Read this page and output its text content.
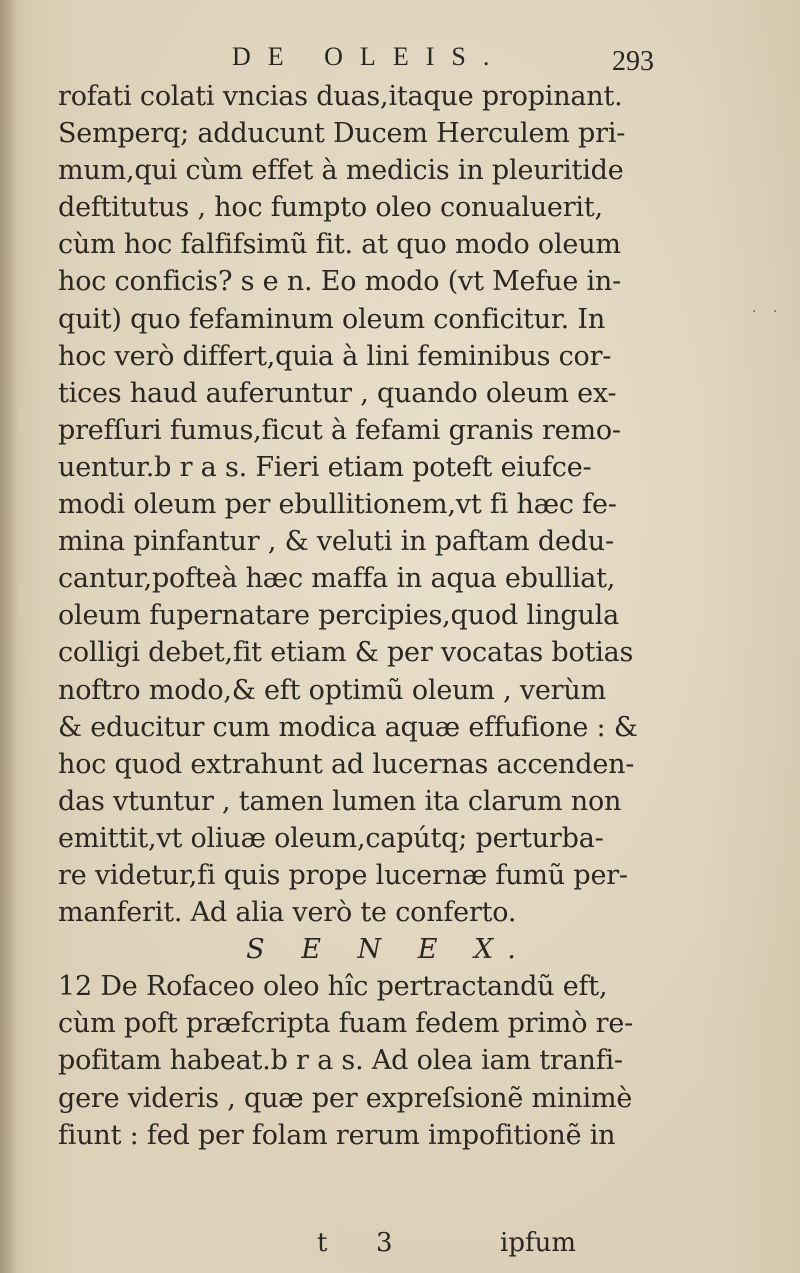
DE OLEIS.	293
rofati colati vncias duas,itaque propinant.
Semperq; adducunt Ducem Herculem pri-
mum,qui cùm effet à medicis in pleuritide
deftitutus , hoc fumpto oleo conualuerit,
cùm hoc falfifsimũ fit. at quo modo oleum
hoc conficis? s e n. Eo modo (vt Mefue in-
quit) quo fefaminum oleum conficitur. In
hoc verò differt,quia à lini feminibus cor-
tices haud auferuntur , quando oleum ex-
prefſuri fumus,ficut à fefami granis remo-
uentur.b r a s. Fieri etiam poteft eiufce-
modi oleum per ebullitionem,vt fi hæc fe-
mina pinfantur , & veluti in paftam dedu-
cantur,pofteà hæc maffa in aqua ebulliat,
oleum fupernatare percipies,quod lingula
colligi debet,fit etiam & per vocatas botias
noftro modo,& eft optimũ oleum , verùm
& educitur cum modica aquæ effufione : &
hoc quod extrahunt ad lucernas accenden-
das vtuntur , tamen lumen ita clarum non
emittit,vt oliuæ oleum,capútq; perturba-
re videtur,fi quis prope lucernæ fumũ per-
manferit. Ad alia verò te conferto.
S E N E X.
12 De Rofaceo oleo hîc pertractandũ eft,
cùm poft præfcripta fuam fedem primò re-
pofitam habeat.b r a s. Ad olea iam tranfi-
gere videris , quæ per expreſsionẽ minimè
fiunt : fed per folam rerum impofitionẽ in
t 3	ipfum
. .
